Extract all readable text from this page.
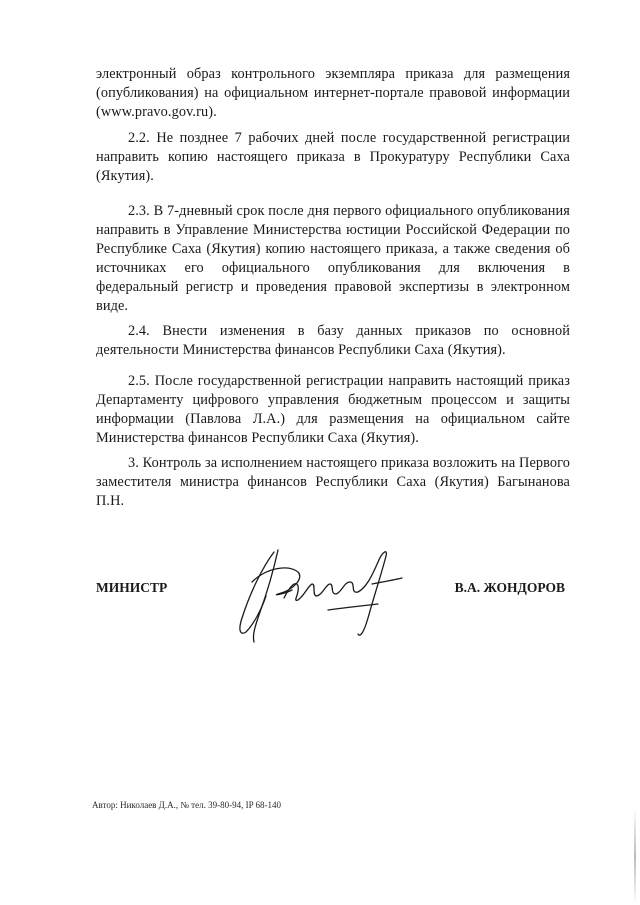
электронный образ контрольного экземпляра приказа для размещения (опубликования) на официальном интернет-портале правовой информации (www.pravo.gov.ru).
2.2. Не позднее 7 рабочих дней после государственной регистрации направить копию настоящего приказа в Прокуратуру Республики Саха (Якутия).
2.3. В 7-дневный срок после дня первого официального опубликования направить в Управление Министерства юстиции Российской Федерации по Республике Саха (Якутия) копию настоящего приказа, а также сведения об источниках его официального опубликования для включения в федеральный регистр и проведения правовой экспертизы в электронном виде.
2.4. Внести изменения в базу данных приказов по основной деятельности Министерства финансов Республики Саха (Якутия).
2.5. После государственной регистрации направить настоящий приказ Департаменту цифрового управления бюджетным процессом и защиты информации (Павлова Л.А.) для размещения на официальном сайте Министерства финансов Республики Саха (Якутия).
3. Контроль за исполнением настоящего приказа возложить на Первого заместителя министра финансов Республики Саха (Якутия) Багынанова П.Н.
МИНИСТР	В.А. ЖОНДОРОВ
Автор: Николаев Д.А., № тел. 39-80-94, IP 68-140
